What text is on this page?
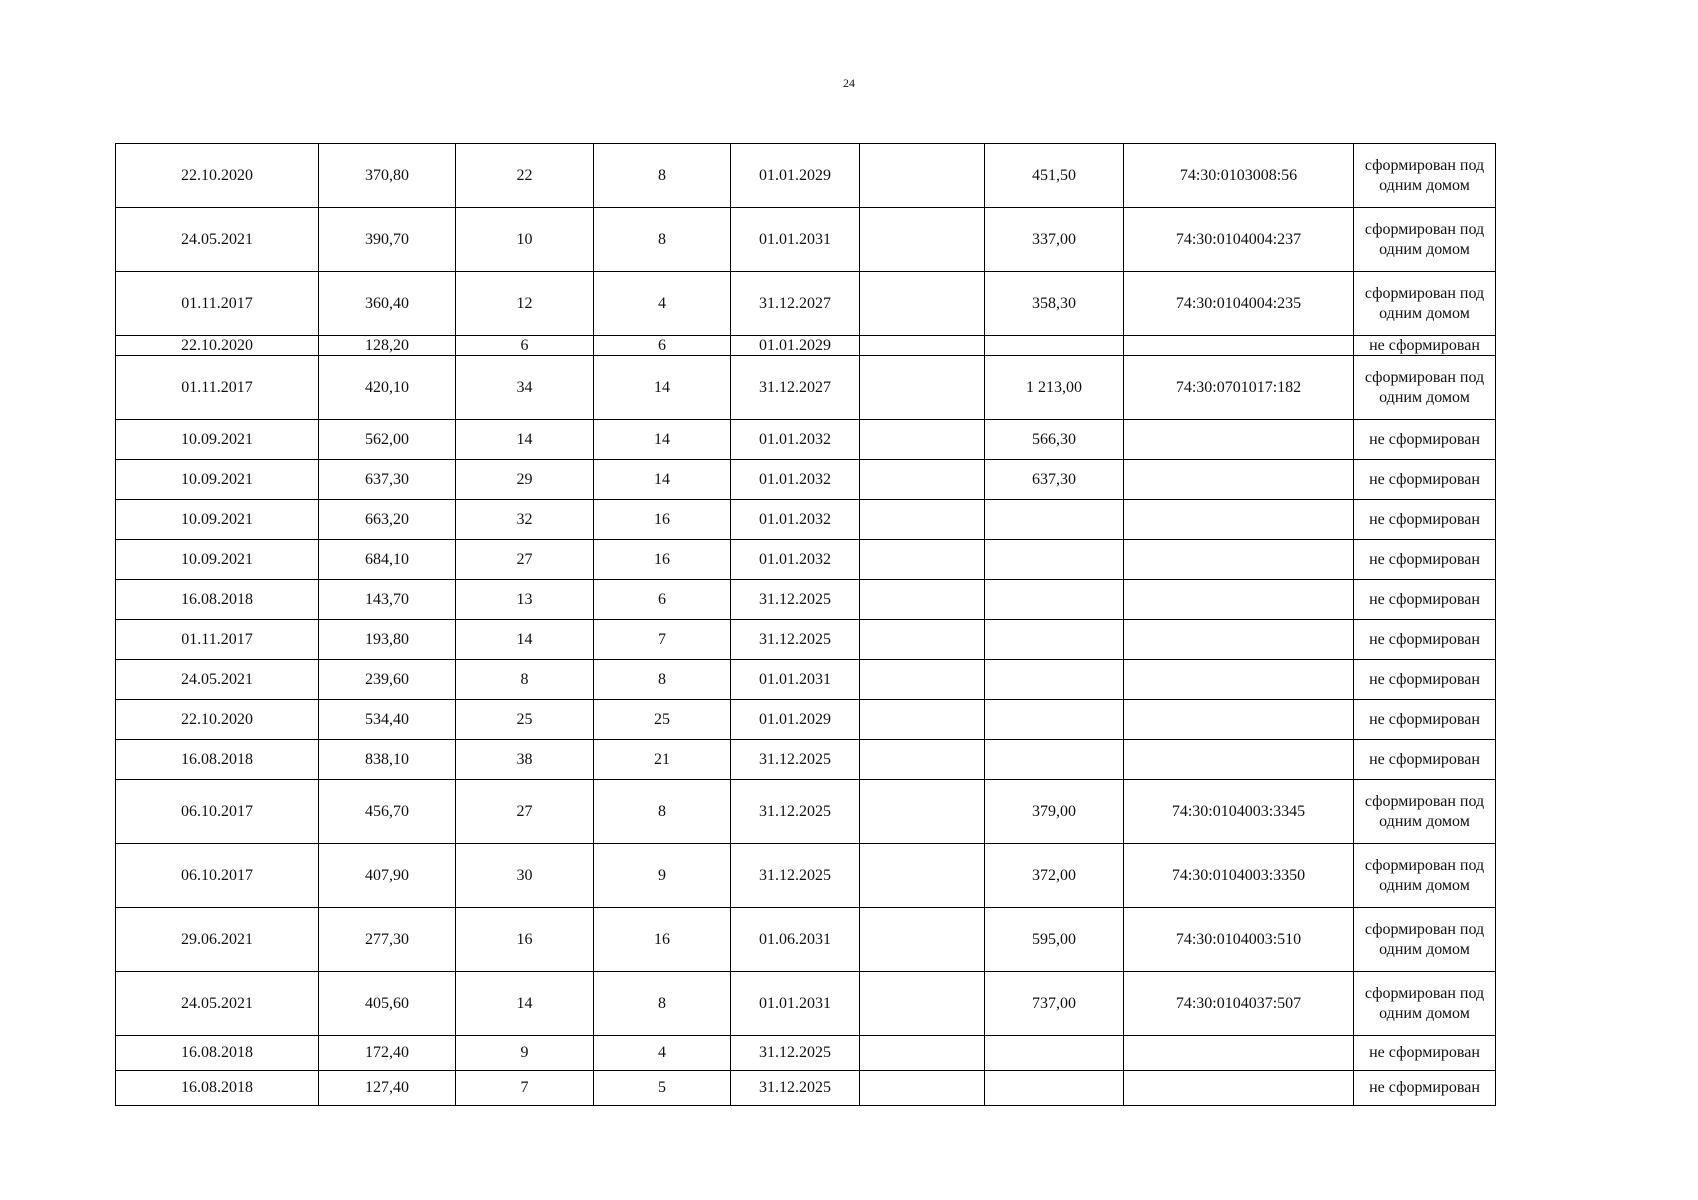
24
22.10.2020	370,80	22	8	01.01.2029		451,50	74:30:0103008:56	сформирован под одним домом
24.05.2021	390,70	10	8	01.01.2031		337,00	74:30:0104004:237	сформирован под одним домом
01.11.2017	360,40	12	4	31.12.2027		358,30	74:30:0104004:235	сформирован под одним домом
22.10.2020	128,20	6	6	01.01.2029				не сформирован
01.11.2017	420,10	34	14	31.12.2027		1 213,00	74:30:0701017:182	сформирован под одним домом
10.09.2021	562,00	14	14	01.01.2032		566,30		не сформирован
10.09.2021	637,30	29	14	01.01.2032		637,30		не сформирован
10.09.2021	663,20	32	16	01.01.2032				не сформирован
10.09.2021	684,10	27	16	01.01.2032				не сформирован
16.08.2018	143,70	13	6	31.12.2025				не сформирован
01.11.2017	193,80	14	7	31.12.2025				не сформирован
24.05.2021	239,60	8	8	01.01.2031				не сформирован
22.10.2020	534,40	25	25	01.01.2029				не сформирован
16.08.2018	838,10	38	21	31.12.2025				не сформирован
06.10.2017	456,70	27	8	31.12.2025		379,00	74:30:0104003:3345	сформирован под одним домом
06.10.2017	407,90	30	9	31.12.2025		372,00	74:30:0104003:3350	сформирован под одним домом
29.06.2021	277,30	16	16	01.06.2031		595,00	74:30:0104003:510	сформирован под одним домом
24.05.2021	405,60	14	8	01.01.2031		737,00	74:30:0104037:507	сформирован под одним домом
16.08.2018	172,40	9	4	31.12.2025				не сформирован
16.08.2018	127,40	7	5	31.12.2025				не сформирован
